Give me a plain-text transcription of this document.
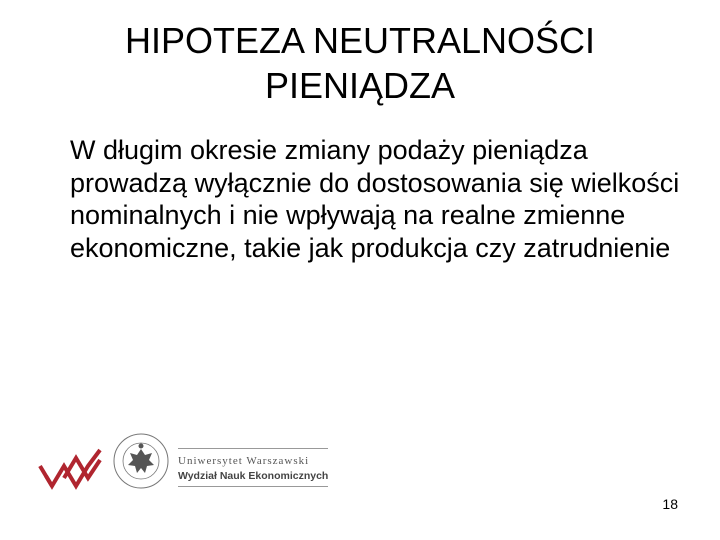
HIPOTEZA NEUTRALNOŚCI PIENIĄDZA

W długim okresie zmiany podaży pieniądza prowadzą wyłącznie do dostosowania się wielkości nominalnych i nie wpływają na realne zmienne ekonomiczne, takie jak produkcja czy zatrudnienie

Uniwersytet Warszawski
Wydział Nauk Ekonomicznych
18
